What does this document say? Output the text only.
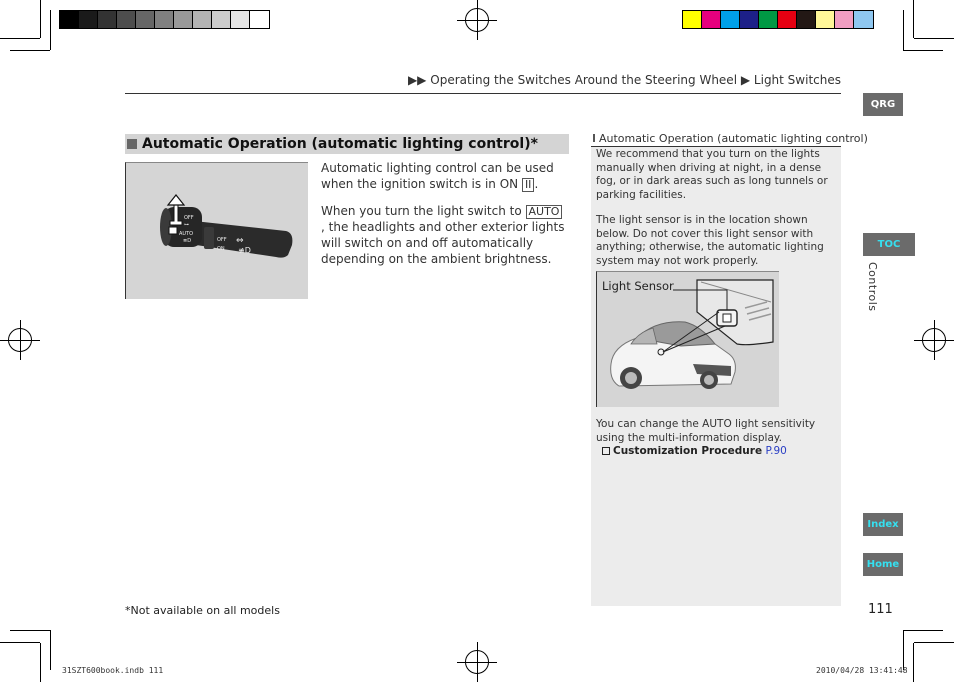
▶▶ Operating the Switches Around the Steering Wheel ▶ Light Switches
QRG
TOC
Controls
Index
Home
Automatic Operation (automatic lighting control)*
OFF
⊶
AUTO
≣D	OFF
ON
⇔
≢D
Automatic lighting control can be used when the ignition switch is in ON II .
When you turn the light switch to AUTO, the headlights and other exterior lights will switch on and off automatically depending on the ambient brightness.
Automatic Operation (automatic lighting control)
We recommend that you turn on the lights manually when driving at night, in a dense fog, or in dark areas such as long tunnels or parking facilities.
The light sensor is in the location shown below. Do not cover this light sensor with anything; otherwise, the automatic lighting system may not work properly.
Light Sensor
You can change the AUTO light sensitivity using the multi-information display.
Customization Procedure P.90
*Not available on all models	111
31SZT600book.indb 111	2010/04/28 13:41:48
